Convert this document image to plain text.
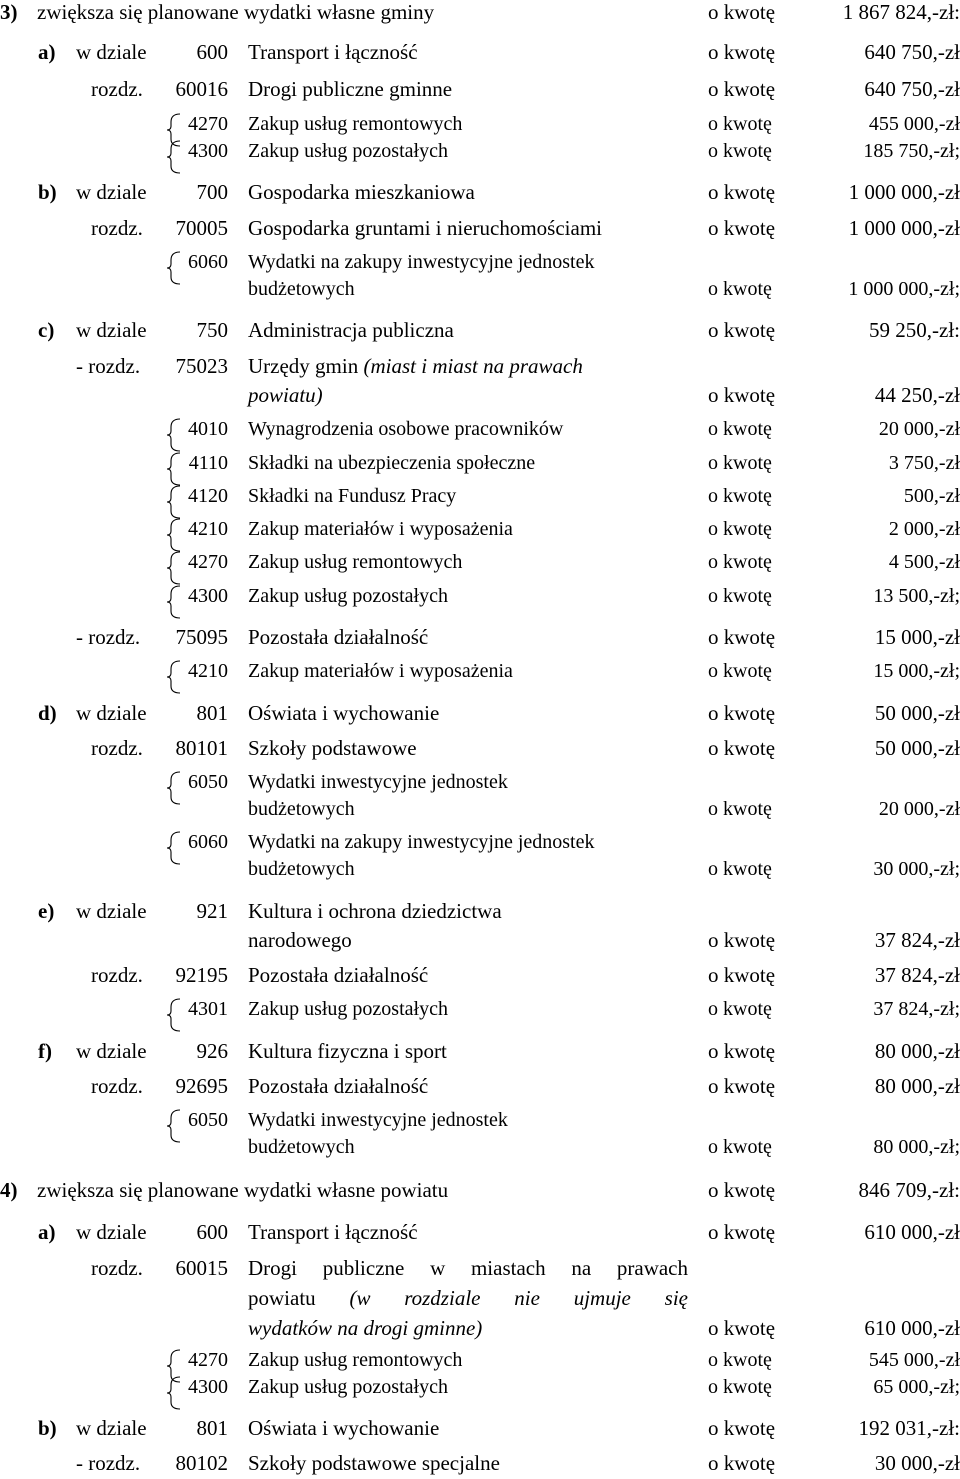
3) zwiększa się planowane wydatki własne gminy	o kwotę	1 867 824,-zł:
a) w dziale 600 Transport i łączność	o kwotę	640 750,-zł
rozdz. 60016 Drogi publiczne gminne	o kwotę	640 750,-zł
4270 Zakup usług remontowych	o kwotę	455 000,-zł
4300 Zakup usług pozostałych	o kwotę	185 750,-zł;
b) w dziale 700 Gospodarka mieszkaniowa	o kwotę	1 000 000,-zł
rozdz. 70005 Gospodarka gruntami i nieruchomościami	o kwotę	1 000 000,-zł
6060 Wydatki na zakupy inwestycyjne jednostek
budżetowych	o kwotę	1 000 000,-zł;
c) w dziale 750 Administracja publiczna	o kwotę	59 250,-zł:
- rozdz. 75023 Urzędy gmin (miast i miast na prawach
powiatu)	o kwotę	44 250,-zł
4010 Wynagrodzenia osobowe pracowników	o kwotę	20 000,-zł
4110 Składki na ubezpieczenia społeczne	o kwotę	3 750,-zł
4120 Składki na Fundusz Pracy	o kwotę	500,-zł
4210 Zakup materiałów i wyposażenia	o kwotę	2 000,-zł
4270 Zakup usług remontowych	o kwotę	4 500,-zł
4300 Zakup usług pozostałych	o kwotę	13 500,-zł;
- rozdz. 75095 Pozostała działalność	o kwotę	15 000,-zł
4210 Zakup materiałów i wyposażenia	o kwotę	15 000,-zł;
d) w dziale 801 Oświata i wychowanie	o kwotę	50 000,-zł
rozdz. 80101 Szkoły podstawowe	o kwotę	50 000,-zł
6050 Wydatki inwestycyjne jednostek
budżetowych	o kwotę	20 000,-zł
6060 Wydatki na zakupy inwestycyjne jednostek
budżetowych	o kwotę	30 000,-zł;
e) w dziale 921 Kultura i ochrona dziedzictwa
narodowego	o kwotę	37 824,-zł
rozdz. 92195 Pozostała działalność	o kwotę	37 824,-zł
4301 Zakup usług pozostałych	o kwotę	37 824,-zł;
f) w dziale 926 Kultura fizyczna i sport	o kwotę	80 000,-zł
rozdz. 92695 Pozostała działalność	o kwotę	80 000,-zł
6050 Wydatki inwestycyjne jednostek
budżetowych	o kwotę	80 000,-zł;
4) zwiększa się planowane wydatki własne powiatu	o kwotę	846 709,-zł:
a) w dziale 600 Transport i łączność	o kwotę	610 000,-zł
rozdz. 60015 Drogi publiczne w miastach na prawach
powiatu (w rozdziale nie ujmuje się
wydatków na drogi gminne)	o kwotę	610 000,-zł
4270 Zakup usług remontowych	o kwotę	545 000,-zł
4300 Zakup usług pozostałych	o kwotę	65 000,-zł;
b) w dziale 801 Oświata i wychowanie	o kwotę	192 031,-zł:
- rozdz. 80102 Szkoły podstawowe specjalne	o kwotę	30 000,-zł
